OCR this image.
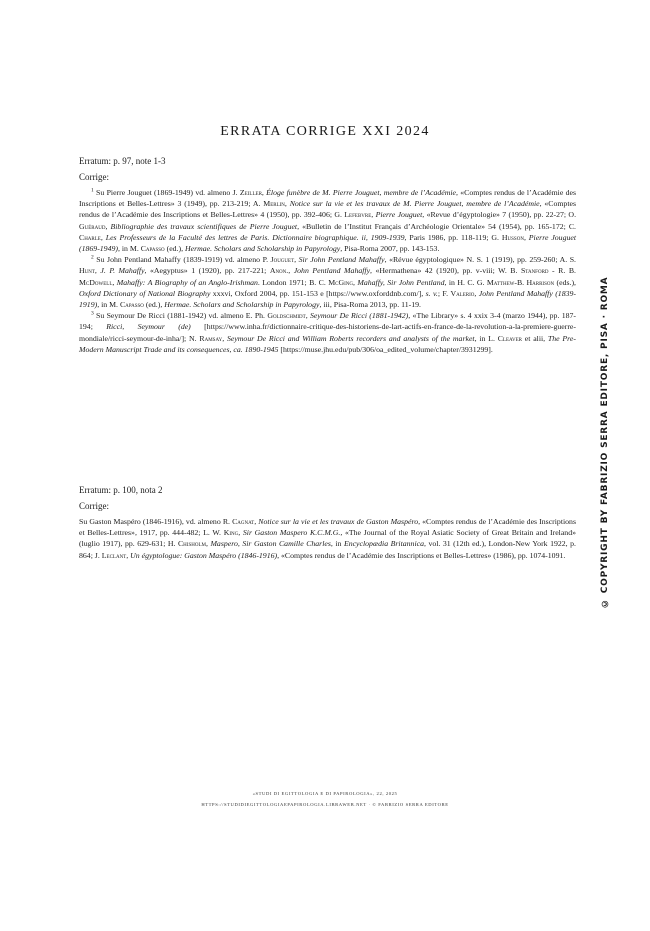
ERRATA CORRIGE XXI 2024
Erratum: p. 97, note 1-3
Corrige:

$^1$ Su Pierre Jouguet (1869-1949) vd. almeno J. Zeiller, Éloge funèbre de M. Pierre Jouguet, membre de l’Académie, «Comptes rendus de l’Académie des Inscriptions et Belles-Lettres» 3 (1949), pp. 213-219; A. Merlin, Notice sur la vie et les travaux de M. Pierre Jouguet, membre de l’Académie, «Comptes rendus de l’Académie des Inscriptions et Belles-Lettres» 4 (1950), pp. 392-406; G. Lefebvre, Pierre Jouguet, «Revue d’égyptologie» 7 (1950), pp. 22-27; O. Guéraud, Bibliographie des travaux scientifiques de Pierre Jouguet, «Bulletin de l’Institut Français d’Archéologie Orientale» 54 (1954), pp. 165-172; C. Charle, Les Professeurs de la Faculté des lettres de Paris. Dictionnaire biographique. ii, 1909-1939, Paris 1986, pp. 118-119; G. Husson, Pierre Jouguet (1869-1949), in M. Capasso (ed.), Hermae. Scholars and Scholarship in Papyrology, Pisa-Roma 2007, pp. 143-153.

$^2$ Su John Pentland Mahaffy (1839-1919) vd. almeno P. Jouguet, Sir John Pentland Mahaffy, «Révue égyptologique» N. S. 1 (1919), pp. 259-260; A. S. Hunt, J. P. Mahaffy, «Aegyptus» 1 (1920), pp. 217-221; Anon., John Pentland Mahaffy, «Hermathena» 42 (1920), pp. v-viii; W. B. Stanford - R. B. McDowell, Mahaffy: A Biography of an Anglo-Irishman. London 1971; B. C. McGing, Mahaffy, Sir John Pentland, in H. C. G. Matthew-B. Harrison (eds.), Oxford Dictionary of National Biography xxxvi, Oxford 2004, pp. 151-153 e [https://www.oxforddnb.com/], s. v.; F. Valerio, John Pentland Mahaffy (1839-1919), in M. Capasso (ed.), Hermae. Scholars and Scholarship in Papyrology, iii, Pisa-Roma 2013, pp. 11-19.

$^3$ Su Seymour De Ricci (1881-1942) vd. almeno E. Ph. Goldschmidt, Seymour De Ricci (1881-1942), «The Library» s. 4 xxix 3-4 (marzo 1944), pp. 187-194; Ricci, Seymour (de) [https://www.inha.fr/dictionnaire-critique-des-historiens-de-lart-actifs-en-france-de-la-revolution-a-la-premiere-guerre-mondiale/ricci-seymour-de-inha/]; N. Ramsay, Seymour De Ricci and William Roberts recorders and analysts of the market, in L. Cleaver et alii, The Pre-Modern Manuscript Trade and its consequences, ca. 1890-1945 [https://muse.jhu.edu/pub/306/oa_edited_volume/chapter/3931299].

Erratum: p. 100, nota 2
Corrige:

Su Gaston Maspéro (1846-1916), vd. almeno R. Cagnat, Notice sur la vie et les travaux de Gaston Maspéro, «Comptes rendus de l’Académie des Inscriptions et Belles-Lettres», 1917, pp. 444-482; L. W. King, Sir Gaston Maspero K.C.M.G., «The Journal of the Royal Asiatic Society of Great Britain and Ireland» (luglio 1917), pp. 629-631; H. Chisholm, Maspero, Sir Gaston Camille Charles, in Encyclopædia Britannica, vol. 31 (12th ed.), London-New York 1922, p. 864; J. Leclant, Un égyptologue: Gaston Maspéro (1846-1916), «Comptes rendus de l’Académie des Inscriptions et Belles-Lettres» (1986), pp. 1074-1091.	© COPYRIGHT BY FABRIZIO SERRA EDITORE, PISA · ROMA
«STUDI DI EGITTOLOGIA E DI PAPIROLOGIA», 22, 2025
HTTPS://STUDIDIEGITTOLOGIAEPAPIROLOGIA.LIBRAWEB.NET · © FABRIZIO SERRA EDITORE
